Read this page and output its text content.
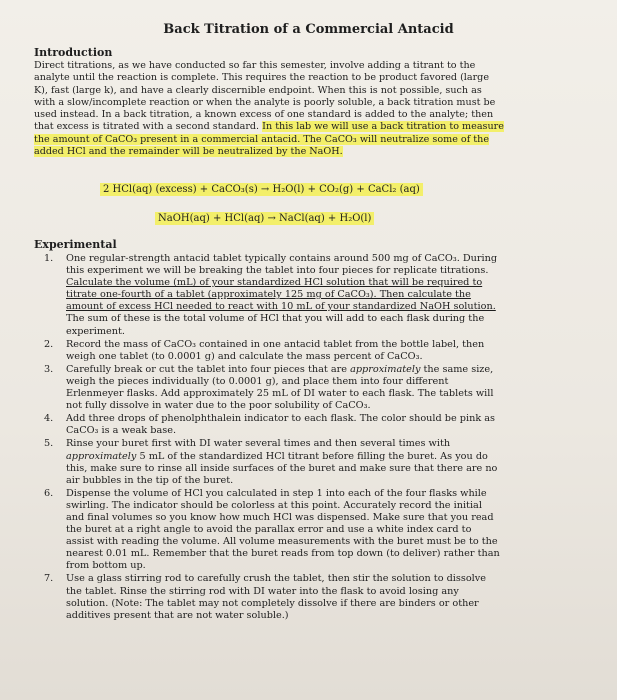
Back Titration of a Commercial Antacid
Introduction
Direct titrations, as we have conducted so far this semester, involve adding a titrant to the analyte until the reaction is complete. This requires the reaction to be product favored (large K), fast (large k), and have a clearly discernible endpoint. When this is not possible, such as with a slow/incomplete reaction or when the analyte is poorly soluble, a back titration must be used instead. In a back titration, a known excess of one standard is added to the analyte; then that excess is titrated with a second standard. In this lab we will use a back titration to measure the amount of CaCO₃ present in a commercial antacid. The CaCO₃ will neutralize some of the added HCl and the remainder will be neutralized by the NaOH.
2 HCl(aq) (excess) + CaCO₃(s) → H₂O(l) + CO₂(g) + CaCl₂ (aq)
NaOH(aq) + HCl(aq) → NaCl(aq) + H₂O(l)
Experimental
1. One regular-strength antacid tablet typically contains around 500 mg of CaCO₃. During this experiment we will be breaking the tablet into four pieces for replicate titrations. Calculate the volume (mL) of your standardized HCl solution that will be required to titrate one-fourth of a tablet (approximately 125 mg of CaCO₃). Then calculate the amount of excess HCl needed to react with 10 mL of your standardized NaOH solution. The sum of these is the total volume of HCl that you will add to each flask during the experiment.
2. Record the mass of CaCO₃ contained in one antacid tablet from the bottle label, then weigh one tablet (to 0.0001 g) and calculate the mass percent of CaCO₃.
3. Carefully break or cut the tablet into four pieces that are approximately the same size, weigh the pieces individually (to 0.0001 g), and place them into four different Erlenmeyer flasks. Add approximately 25 mL of DI water to each flask. The tablets will not fully dissolve in water due to the poor solubility of CaCO₃.
4. Add three drops of phenolphthalein indicator to each flask. The color should be pink as CaCO₃ is a weak base.
5. Rinse your buret first with DI water several times and then several times with approximately 5 mL of the standardized HCl titrant before filling the buret. As you do this, make sure to rinse all inside surfaces of the buret and make sure that there are no air bubbles in the tip of the buret.
6. Dispense the volume of HCl you calculated in step 1 into each of the four flasks while swirling. The indicator should be colorless at this point. Accurately record the initial and final volumes so you know how much HCl was dispensed. Make sure that you read the buret at a right angle to avoid the parallax error and use a white index card to assist with reading the volume. All volume measurements with the buret must be to the nearest 0.01 mL. Remember that the buret reads from top down (to deliver) rather than from bottom up.
7. Use a glass stirring rod to carefully crush the tablet, then stir the solution to dissolve the tablet. Rinse the stirring rod with DI water into the flask to avoid losing any solution. (Note: The tablet may not completely dissolve if there are binders or other additives present that are not water soluble.)
